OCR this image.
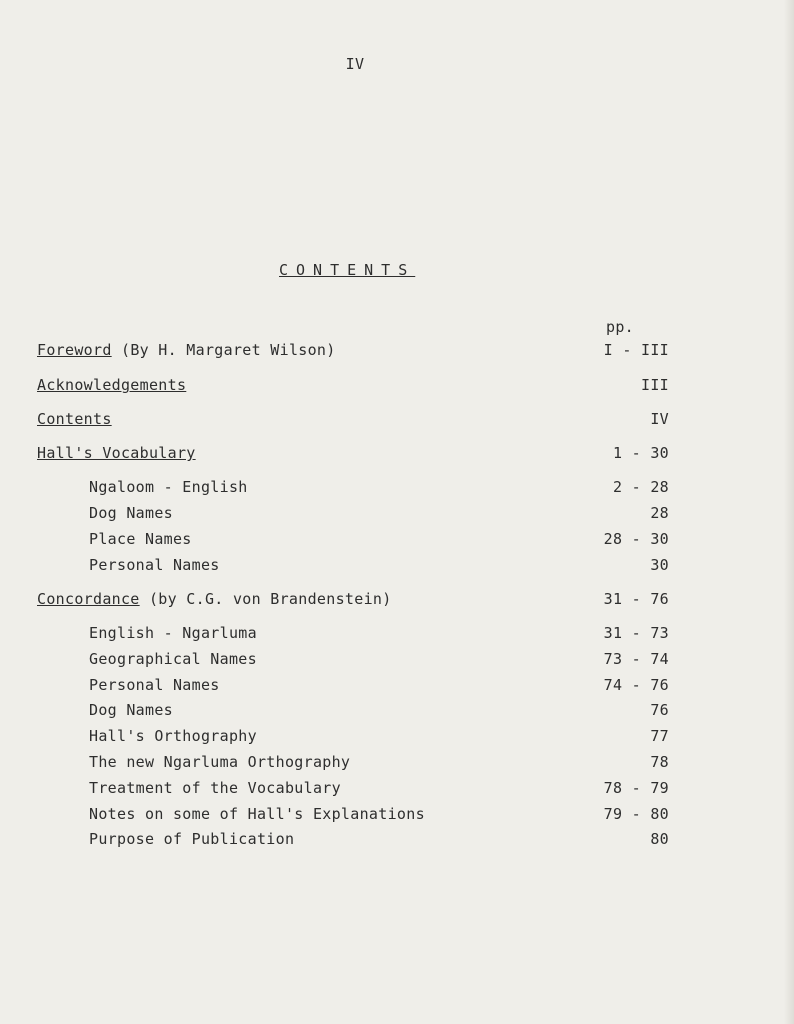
IV
CONTENTS
pp.
Foreword (By H. Margaret Wilson)	I - III
Acknowledgements	III
Contents	IV
Hall's Vocabulary	1 - 30
Ngaloom - English	2 - 28
Dog Names	28
Place Names	28 - 30
Personal Names	30
Concordance (by C.G. von Brandenstein)	31 - 76
English - Ngarluma	31 - 73
Geographical Names	73 - 74
Personal Names	74 - 76
Dog Names	76
Hall's Orthography	77
The new Ngarluma Orthography	78
Treatment of the Vocabulary	78 - 79
Notes on some of Hall's Explanations	79 - 80
Purpose of Publication	80
